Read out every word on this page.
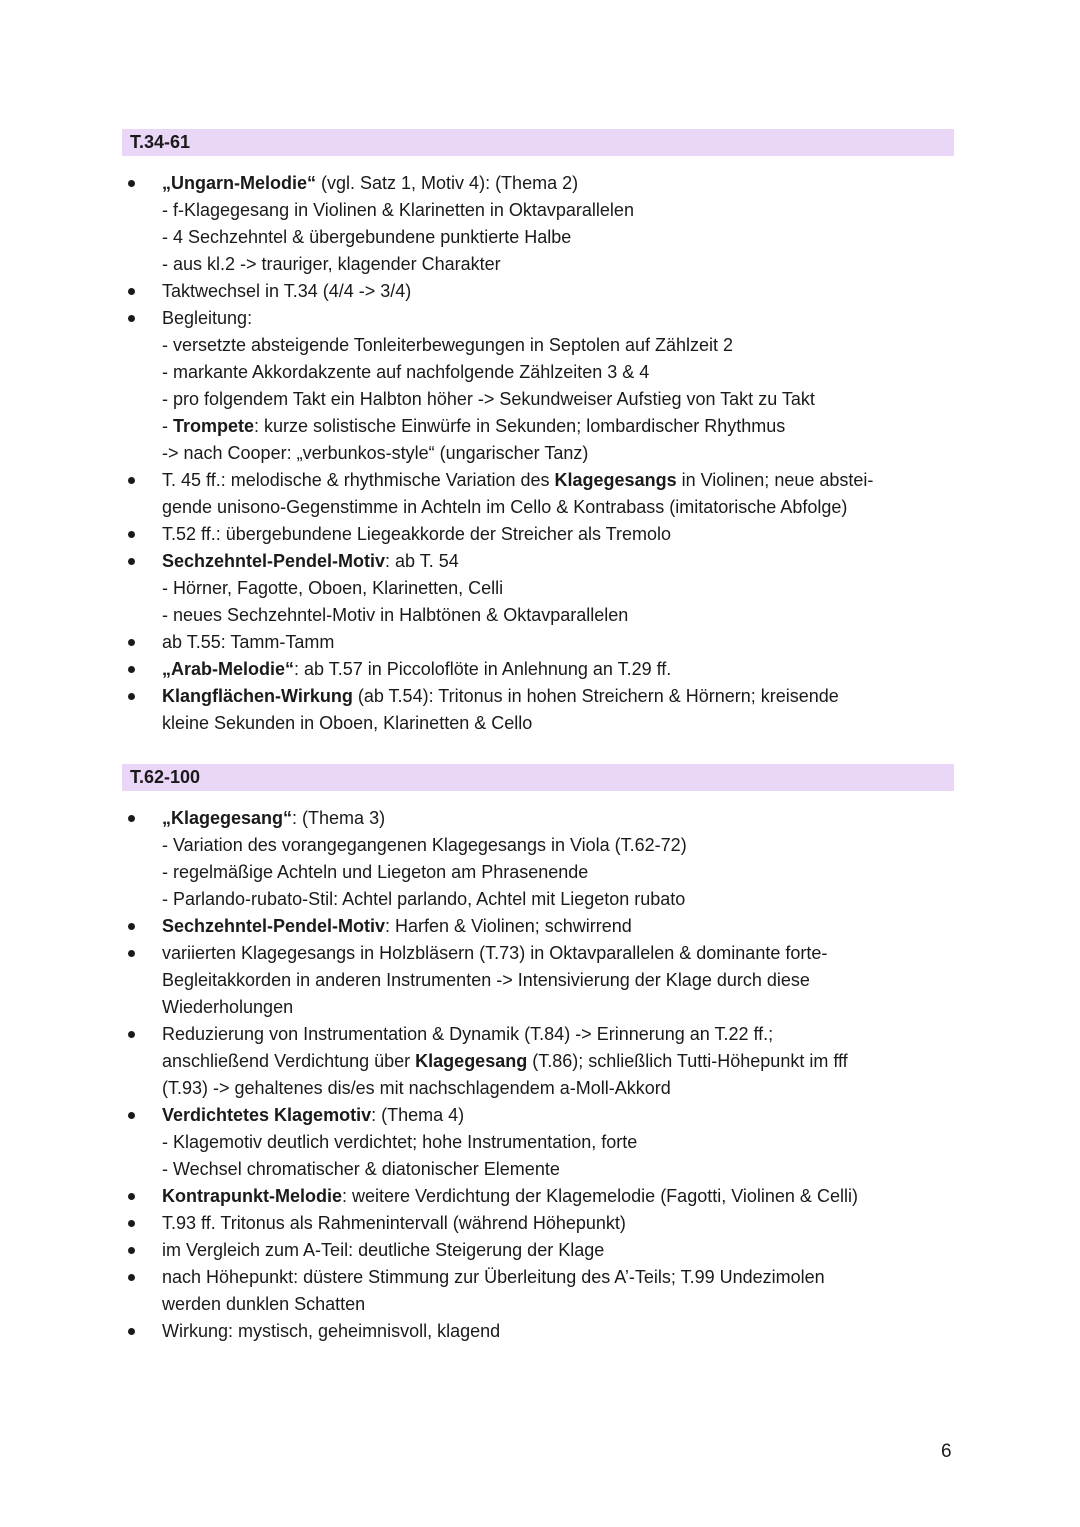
T.34-61
„Ungarn-Melodie“ (vgl. Satz 1, Motiv 4): (Thema 2)
- f-Klagegesang in Violinen & Klarinetten in Oktavparallelen
- 4 Sechzehntel & übergebundene punktierte Halbe
- aus kl.2 -> trauriger, klagender Charakter
Taktwechsel in T.34 (4/4 -> 3/4)
Begleitung:
- versetzte absteigende Tonleiterbewegungen in Septolen auf Zählzeit 2
- markante Akkordakzente auf nachfolgende Zählzeiten 3 & 4
- pro folgendem Takt ein Halbton höher -> Sekundweiser Aufstieg von Takt zu Takt
- Trompete: kurze solistische Einwürfe in Sekunden; lombardischer Rhythmus
-> nach Cooper: „verbunkos-style“ (ungarischer Tanz)
T. 45 ff.: melodische & rhythmische Variation des Klagegesangs in Violinen; neue abstei-
gende unisono-Gegenstimme in Achteln im Cello & Kontrabass (imitatorische Abfolge)
T.52 ff.: übergebundene Liegeakkorde der Streicher als Tremolo
Sechzehntel-Pendel-Motiv: ab T. 54
- Hörner, Fagotte, Oboen, Klarinetten, Celli
- neues Sechzehntel-Motiv in Halbtönen & Oktavparallelen
ab T.55: Tamm-Tamm
„Arab-Melodie“: ab T.57 in Piccoloflöte in Anlehnung an T.29 ff.
Klangflächen-Wirkung (ab T.54): Tritonus in hohen Streichern & Hörnern; kreisende
kleine Sekunden in Oboen, Klarinetten & Cello
T.62-100
„Klagegesang“: (Thema 3)
- Variation des vorangegangenen Klagegesangs in Viola (T.62-72)
- regelmäßige Achteln und Liegeton am Phrasenende
- Parlando-rubato-Stil: Achtel parlando, Achtel mit Liegeton rubato
Sechzehntel-Pendel-Motiv: Harfen & Violinen; schwirrend
variierten Klagegesangs in Holzbläsern (T.73) in Oktavparallelen & dominante forte-
Begleitakkorden in anderen Instrumenten -> Intensivierung der Klage durch diese
Wiederholungen
Reduzierung von Instrumentation & Dynamik (T.84) -> Erinnerung an T.22 ff.;
anschließend Verdichtung über Klagegesang (T.86); schließlich Tutti-Höhepunkt im fff
(T.93) -> gehaltenes dis/es mit nachschlagendem a-Moll-Akkord
Verdichtetes Klagemotiv: (Thema 4)
- Klagemotiv deutlich verdichtet; hohe Instrumentation, forte
- Wechsel chromatischer & diatonischer Elemente
Kontrapunkt-Melodie: weitere Verdichtung der Klagemelodie (Fagotti, Violinen & Celli)
T.93 ff. Tritonus als Rahmenintervall (während Höhepunkt)
im Vergleich zum A-Teil: deutliche Steigerung der Klage
nach Höhepunkt: düstere Stimmung zur Überleitung des A’-Teils; T.99 Undezimolen
werden dunklen Schatten
Wirkung: mystisch, geheimnisvoll, klagend
6
